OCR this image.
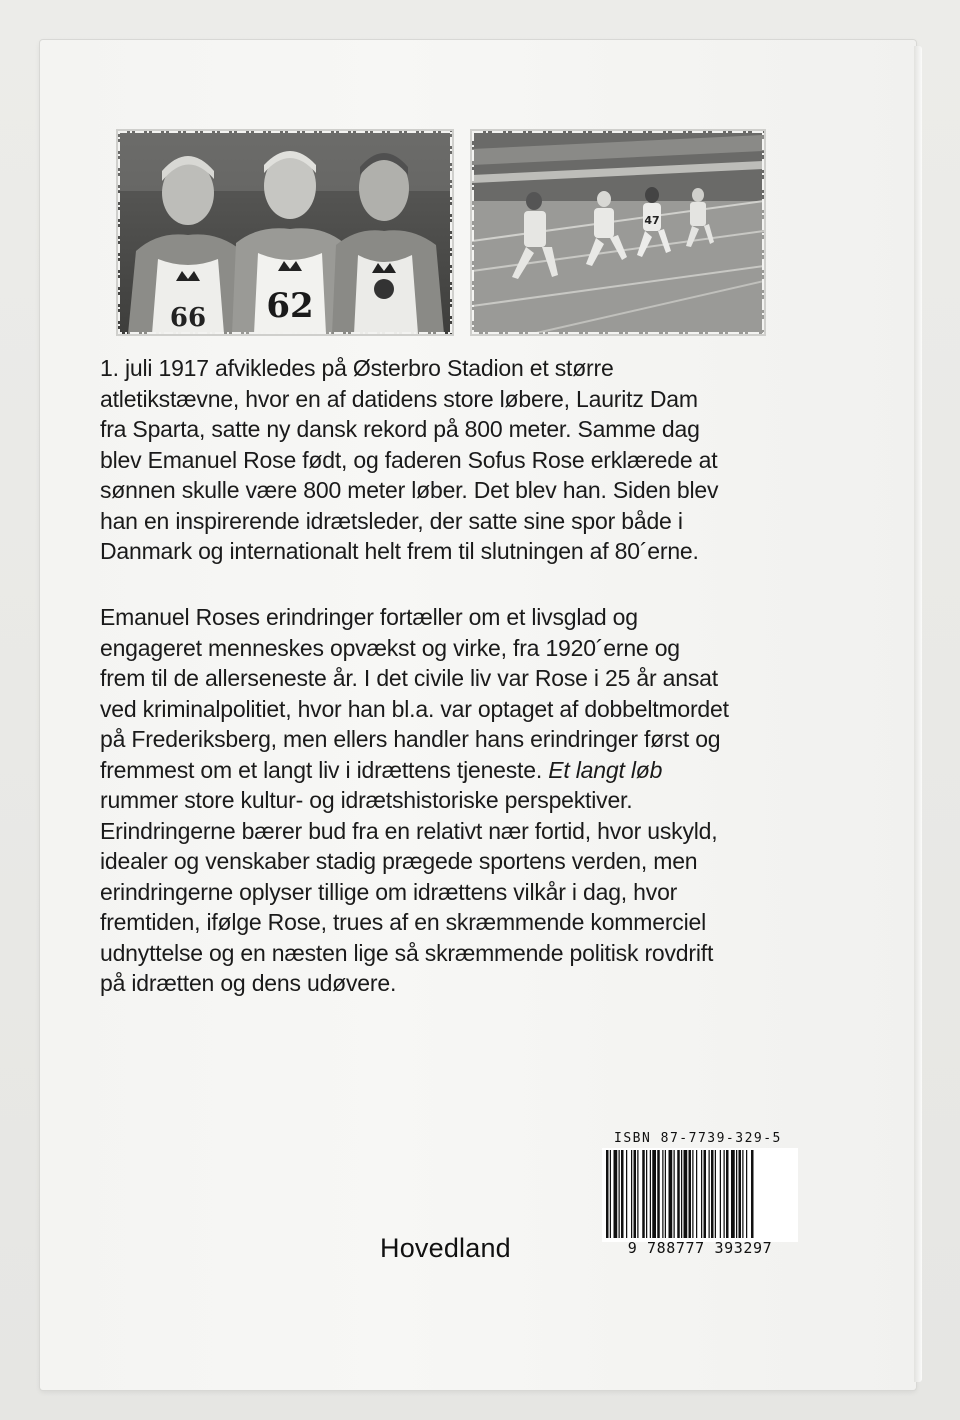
66 62
47
1. juli 1917 afvikledes på Østerbro Stadion et større
atletikstævne, hvor en af datidens store løbere, Lauritz Dam
fra Sparta, satte ny dansk rekord på 800 meter. Samme dag
blev Emanuel Rose født, og faderen Sofus Rose erklærede at
sønnen skulle være 800 meter løber. Det blev han. Siden blev
han en inspirerende idrætsleder, der satte sine spor både i
Danmark og internationalt helt frem til slutningen af 80´erne.
Emanuel Roses erindringer fortæller om et livsglad og
engageret menneskes opvækst og virke, fra 1920´erne og
frem til de allerseneste år. I det civile liv var Rose i 25 år ansat
ved kriminalpolitiet, hvor han bl.a. var optaget af dobbeltmordet
på Frederiksberg, men ellers handler hans erindringer først og
fremmest om et langt liv i idrættens tjeneste. Et langt løb
rummer store kultur- og idrætshistoriske perspektiver.
Erindringerne bærer bud fra en relativt nær fortid, hvor uskyld,
idealer og venskaber stadig prægede sportens verden, men
erindringerne oplyser tillige om idrættens vilkår i dag, hvor
fremtiden, ifølge Rose, trues af en skræmmende kommerciel
udnyttelse og en næsten lige så skræmmende politisk rovdrift
på idrætten og dens udøvere.
ISBN 87-7739-329-5
9 788777 393297
Hovedland
